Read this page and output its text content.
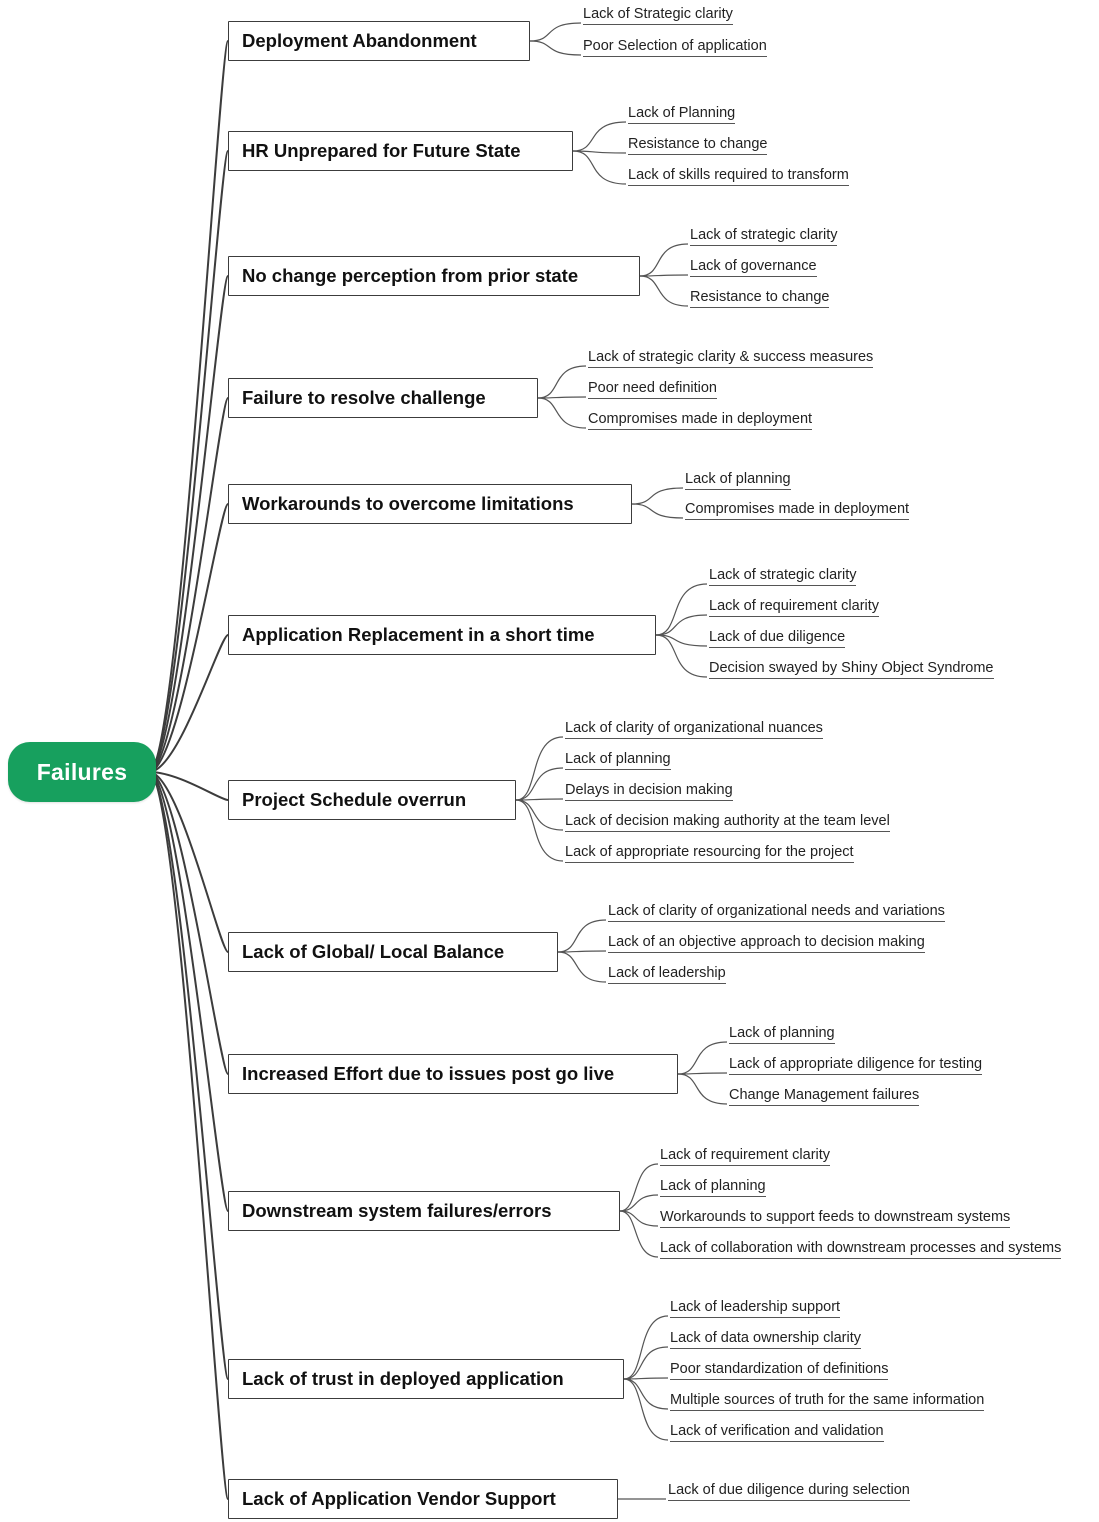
Failures
Deployment Abandonment
Lack of Strategic clarity
Poor Selection of application
HR Unprepared for Future State
Lack of Planning
Resistance to change
Lack of skills required to transform
No change perception from prior state
Lack of strategic clarity
Lack of governance
Resistance to change
Failure to resolve challenge
Lack of strategic clarity & success measures
Poor need definition
Compromises made in deployment
Workarounds to overcome limitations
Lack of planning
Compromises made in deployment
Application Replacement in a short time
Lack of strategic clarity
Lack of requirement clarity
Lack of due diligence
Decision swayed by Shiny Object Syndrome
Project Schedule overrun
Lack of clarity of organizational nuances
Lack of planning
Delays in decision making
Lack of decision making authority at the team level
Lack of appropriate resourcing for the project
Lack of Global/ Local Balance
Lack of clarity of organizational needs and variations
Lack of an objective approach to decision making
Lack of leadership
Increased Effort due to issues post go live
Lack of planning
Lack of appropriate diligence for testing
Change Management failures
Downstream system failures/errors
Lack of requirement clarity
Lack of planning
Workarounds to support feeds to downstream systems
Lack of collaboration with downstream processes and systems
Lack of trust in deployed application
Lack of leadership support
Lack of data ownership clarity
Poor standardization of definitions
Multiple sources of truth for the same information
Lack of verification and validation
Lack of Application Vendor Support	Lack of due diligence during selection
